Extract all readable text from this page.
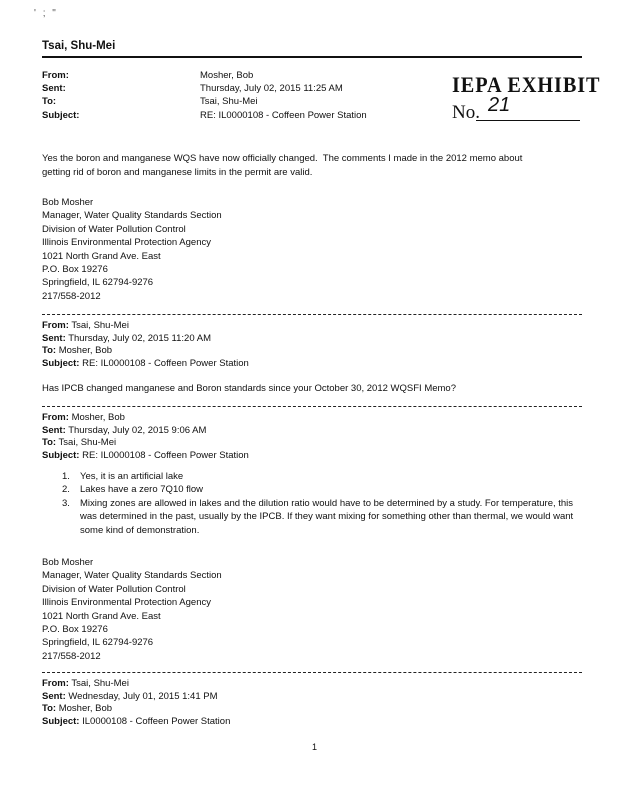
' ; "
Tsai, Shu-Mei
From:	Mosher, Bob
Sent:	Thursday, July 02, 2015 11:25 AM
To:	Tsai, Shu-Mei
Subject:	RE: IL0000108 - Coffeen Power Station
IEPA EXHIBIT
No. 21
Yes the boron and manganese WQS have now officially changed.  The comments I made in the 2012 memo about
getting rid of boron and manganese limits in the permit are valid.
Bob Mosher
Manager, Water Quality Standards Section
Division of Water Pollution Control
Illinois Environmental Protection Agency
1021 North Grand Ave. East
P.O. Box 19276
Springfield, IL 62794-9276
217/558-2012
From: Tsai, Shu-Mei
Sent: Thursday, July 02, 2015 11:20 AM
To: Mosher, Bob
Subject: RE: IL0000108 - Coffeen Power Station
Has IPCB changed manganese and Boron standards since your October 30, 2012 WQSFI Memo?
From: Mosher, Bob
Sent: Thursday, July 02, 2015 9:06 AM
To: Tsai, Shu-Mei
Subject: RE: IL0000108 - Coffeen Power Station
1.	Yes, it is an artificial lake
2.	Lakes have a zero 7Q10 flow
3.	Mixing zones are allowed in lakes and the dilution ratio would have to be determined by a study. For temperature, this was determined in the past, usually by the IPCB. If they want mixing for something other than thermal, we would want some kind of demonstration.
Bob Mosher
Manager, Water Quality Standards Section
Division of Water Pollution Control
Illinois Environmental Protection Agency
1021 North Grand Ave. East
P.O. Box 19276
Springfield, IL 62794-9276
217/558-2012
From: Tsai, Shu-Mei
Sent: Wednesday, July 01, 2015 1:41 PM
To: Mosher, Bob
Subject: IL0000108 - Coffeen Power Station
1
